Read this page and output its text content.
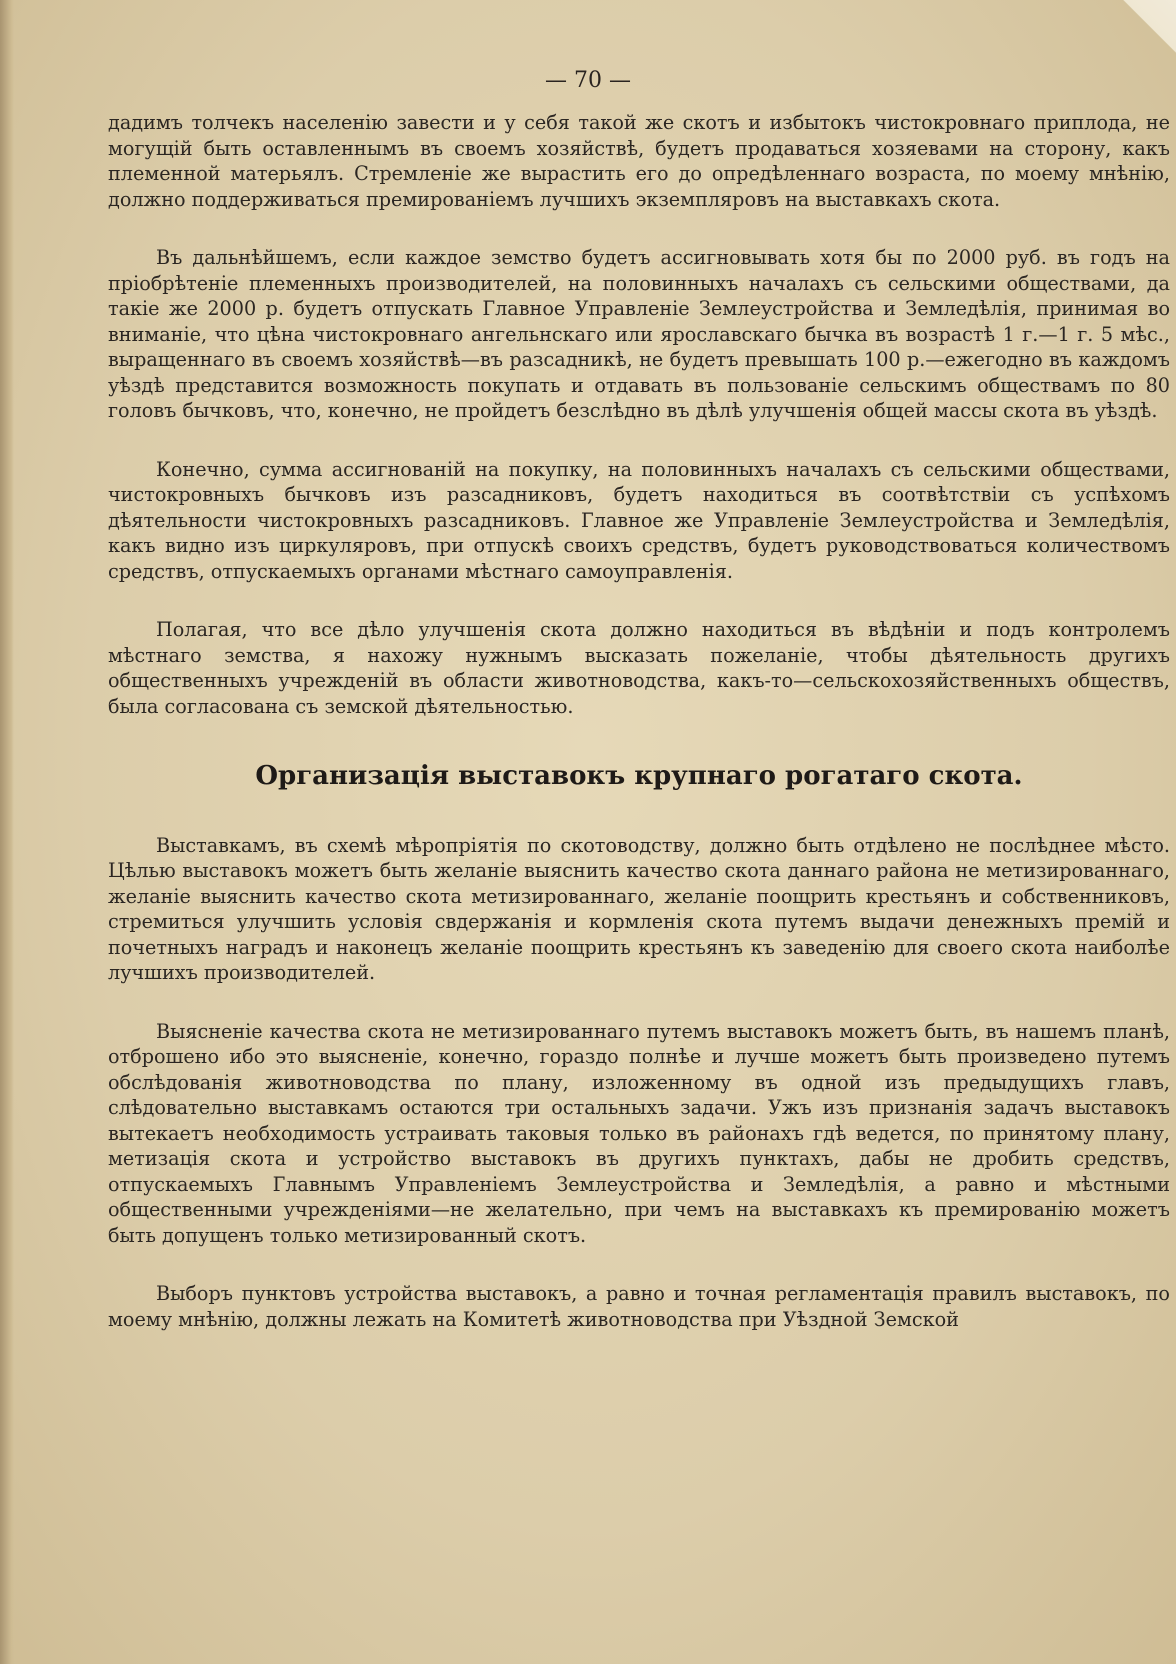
— 70 —

дадимъ толчекъ населенію завести и у себя такой же скотъ и избытокъ чистокровнаго приплода, не могущій быть оставленнымъ въ своемъ хозяйствѣ, будетъ продаваться хозяевами на сторону, какъ племенной матерьялъ. Стремленіе же вырастить его до опредѣленнаго возраста, по моему мнѣнію, должно поддерживаться премированіемъ лучшихъ экземпляровъ на выставкахъ скота.

Въ дальнѣйшемъ, если каждое земство будетъ ассигновывать хотя бы по 2000 руб. въ годъ на пріобрѣтеніе племенныхъ производителей, на половинныхъ началахъ съ сельскими обществами, да такіе же 2000 р. будетъ отпускать Главное Управленіе Землеустройства и Земледѣлія, принимая во вниманіе, что цѣна чистокровнаго ангельнскаго или ярославскаго бычка въ возрастѣ 1 г.—1 г. 5 мѣс., выращеннаго въ своемъ хозяйствѣ—въ разсадникѣ, не будетъ превышать 100 р.—ежегодно въ каждомъ уѣздѣ представится возможность покупать и отдавать въ пользованіе сельскимъ обществамъ по 80 головъ бычковъ, что, конечно, не пройдетъ безслѣдно въ дѣлѣ улучшенія общей массы скота въ уѣздѣ.

Конечно, сумма ассигнованій на покупку, на половинныхъ началахъ съ сельскими обществами, чистокровныхъ бычковъ изъ разсадниковъ, будетъ находиться въ соотвѣтствіи съ успѣхомъ дѣятельности чистокровныхъ разсадниковъ. Главное же Управленіе Землеустройства и Земледѣлія, какъ видно изъ циркуляровъ, при отпускѣ своихъ средствъ, будетъ руководствоваться количествомъ средствъ, отпускаемыхъ органами мѣстнаго самоуправленія.

Полагая, что все дѣло улучшенія скота должно находиться въ вѣдѣніи и подъ контролемъ мѣстнаго земства, я нахожу нужнымъ высказать пожеланіе, чтобы дѣятельность другихъ общественныхъ учрежденій въ области животноводства, какъ-то—сельскохозяйственныхъ обществъ, была согласована съ земской дѣятельностью.

Организація выставокъ крупнаго рогатаго скота.

Выставкамъ, въ схемѣ мѣропріятія по скотоводству, должно быть отдѣлено не послѣднее мѣсто. Цѣлью выставокъ можетъ быть желаніе выяснить качество скота даннаго района не метизированнаго, желаніе выяснить качество скота метизированнаго, желаніе поощрить крестьянъ и собственниковъ, стремиться улучшить условія свдержанія и кормленія скота путемъ выдачи денежныхъ премій и почетныхъ наградъ и наконецъ желаніе поощрить крестьянъ къ заведенію для своего скота наиболѣе лучшихъ производителей.

Выясненіе качества скота не метизированнаго путемъ выставокъ можетъ быть, въ нашемъ планѣ, отброшено ибо это выясненіе, конечно, гораздо полнѣе и лучше можетъ быть произведено путемъ обслѣдованія животноводства по плану, изложенному въ одной изъ предыдущихъ главъ, слѣдовательно выставкамъ остаются три остальныхъ задачи. Ужъ изъ признанія задачъ выставокъ вытекаетъ необходимость устраивать таковыя только въ районахъ гдѣ ведется, по принятому плану, метизація скота и устройство выставокъ въ другихъ пунктахъ, дабы не дробить средствъ, отпускаемыхъ Главнымъ Управленіемъ Землеустройства и Земледѣлія, а равно и мѣстными общественными учрежденіями—не желательно, при чемъ на выставкахъ къ премированію можетъ быть допущенъ только метизированный скотъ.

Выборъ пунктовъ устройства выставокъ, а равно и точная регламентація правилъ выставокъ, по моему мнѣнію, должны лежать на Комитетѣ животноводства при Уѣздной Земской
